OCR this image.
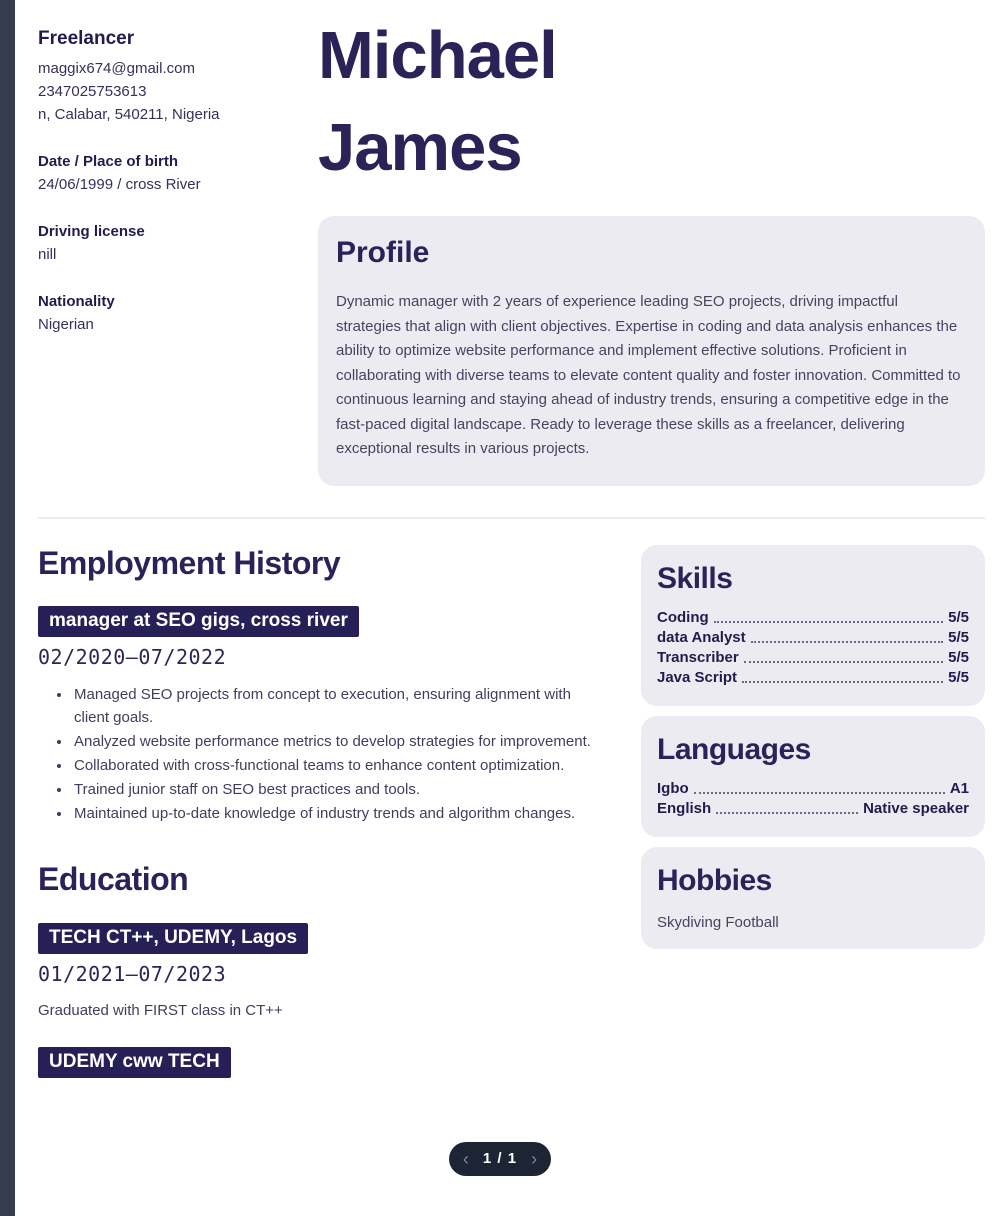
Freelancer
maggix674@gmail.com
2347025753613
n, Calabar, 540211, Nigeria
Date / Place of birth
24/06/1999 / cross River
Driving license
nill
Nationality
Nigerian
Michael
James
Profile
Dynamic manager with 2 years of experience leading SEO projects, driving impactful strategies that align with client objectives. Expertise in coding and data analysis enhances the ability to optimize website performance and implement effective solutions. Proficient in collaborating with diverse teams to elevate content quality and foster innovation. Committed to continuous learning and staying ahead of industry trends, ensuring a competitive edge in the fast-paced digital landscape. Ready to leverage these skills as a freelancer, delivering exceptional results in various projects.
Employment History
manager at SEO gigs, cross river
02/2020—07/2022
• Managed SEO projects from concept to execution, ensuring alignment with client goals.
• Analyzed website performance metrics to develop strategies for improvement.
• Collaborated with cross-functional teams to enhance content optimization.
• Trained junior staff on SEO best practices and tools.
• Maintained up-to-date knowledge of industry trends and algorithm changes.
Education
TECH CT++, UDEMY, Lagos
01/2021—07/2023
Graduated with FIRST class in CT++
UDEMY cww TECH
Skills
Coding	5/5
data Analyst	5/5
Transcriber	5/5
Java Script	5/5
Languages
Igbo	A1
English	Native speaker
Hobbies
Skydiving Football
‹ 1 / 1 ›
